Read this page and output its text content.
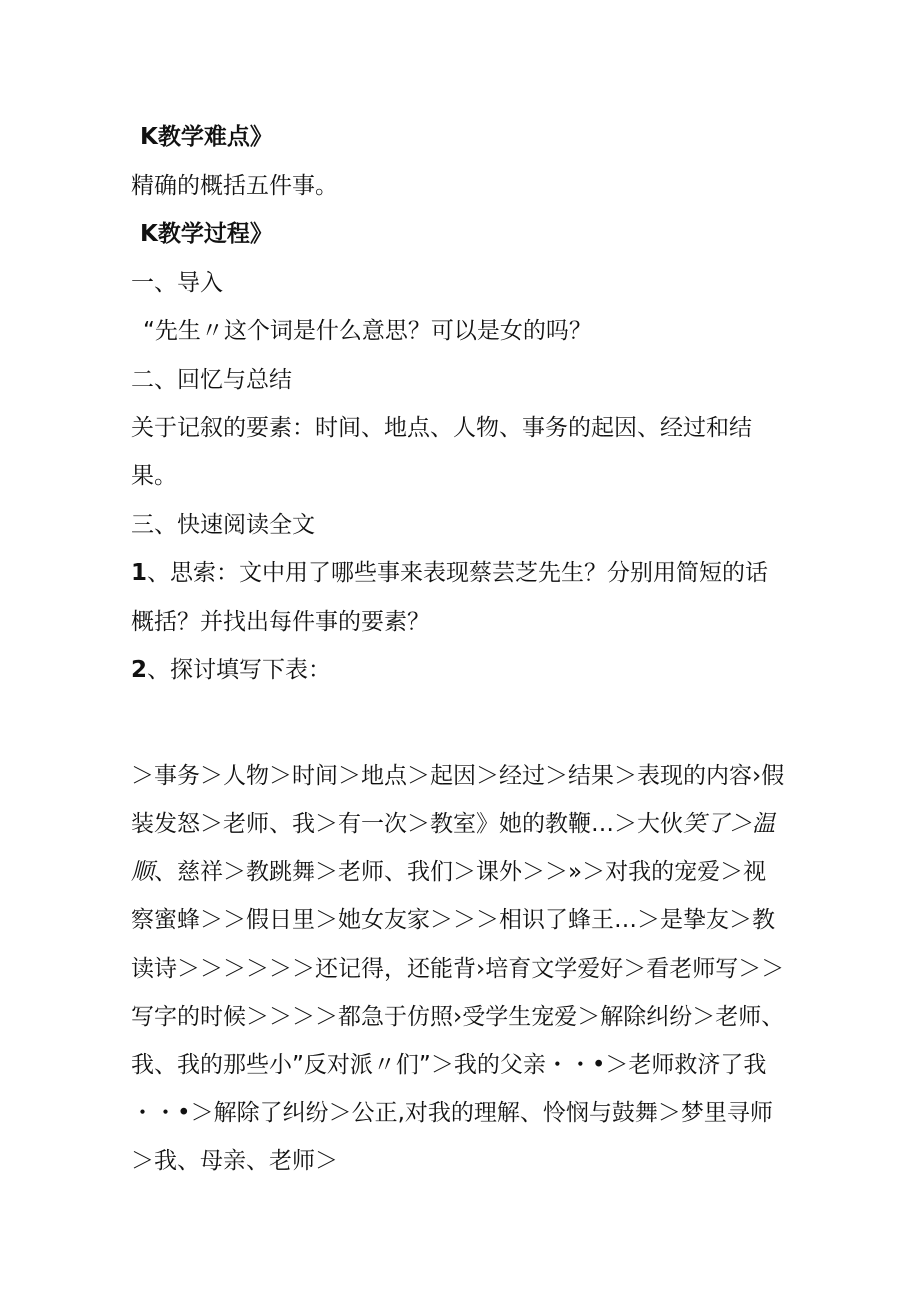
K教学难点》
精确的概括五件事。
K教学过程》
一、导入
“先生〃这个词是什么意思？可以是女的吗？
二、回忆与总结
关于记叙的要素：时间、地点、人物、事务的起因、经过和结
果。
三、快速阅读全文
1、思索：文中用了哪些事来表现蔡芸芝先生？分别用简短的话
概括？并找出每件事的要素？
2、探讨填写下表：
＞事务＞人物＞时间＞地点＞起因＞经过＞结果＞表现的内容›假
装发怒＞老师、我＞有一次＞教室》她的教鞭…＞大伙笑了＞温
顺、慈祥＞教跳舞＞老师、我们＞课外＞＞»＞对我的宠爱＞视
察蜜蜂＞＞假日里＞她女友家＞＞＞相识了蜂王…＞是挚友＞教
读诗＞＞＞＞＞＞还记得，还能背›培育文学爱好＞看老师写＞＞
写字的时候＞＞＞＞都急于仿照›受学生宠爱＞解除纠纷＞老师、
我、我的那些小”反对派〃们”＞我的父亲・・•＞老师救济了我
・・•＞解除了纠纷＞公正,对我的理解、怜悯与鼓舞＞梦里寻师
＞我、母亲、老师＞
